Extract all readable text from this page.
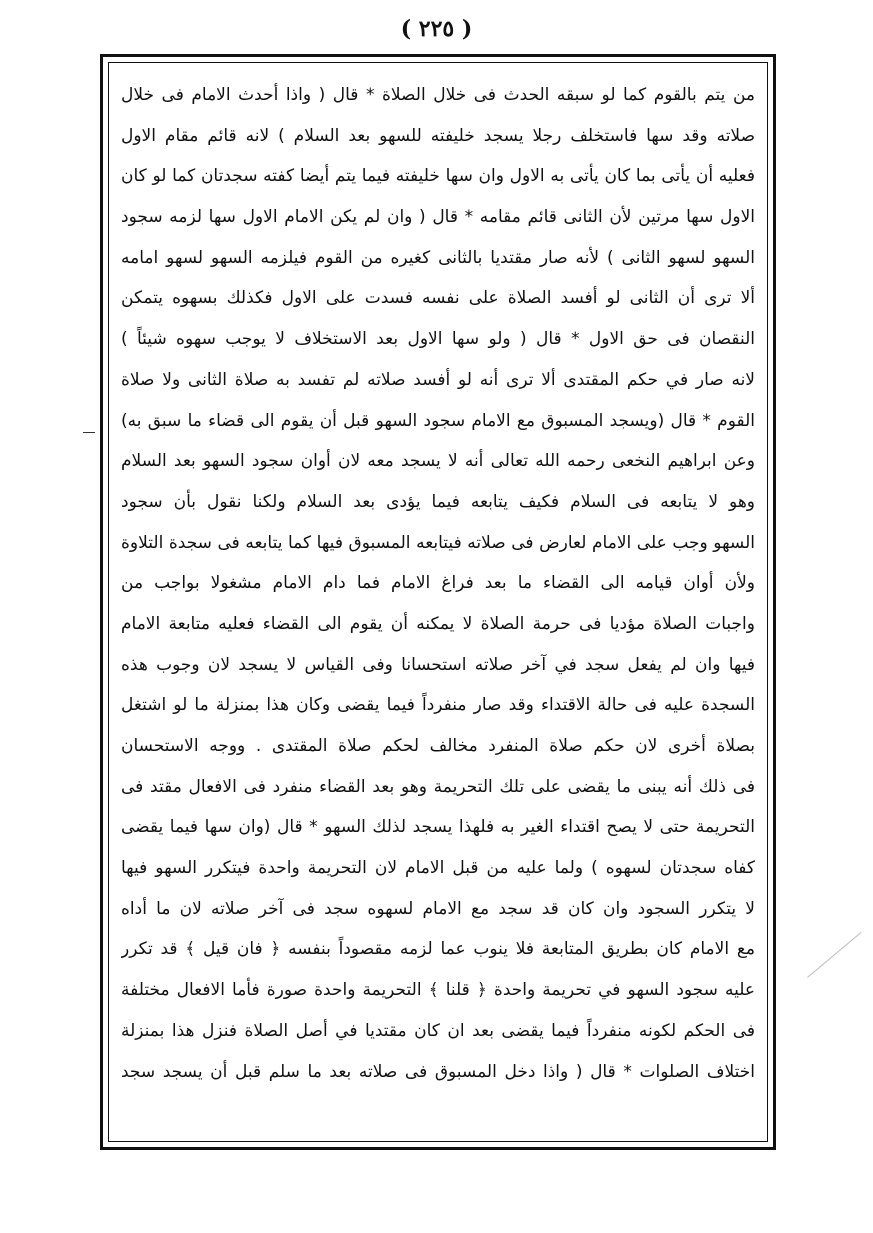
( ٢٢٥ )
من يتم بالقوم كما لو سبقه الحدث فى خلال الصلاة * قال ( واذا أحدث الامام فى خلال
صلاته وقد سها فاستخلف رجلا يسجد خليفته للسهو بعد السلام ) لانه قائم مقام الاول
فعليه أن يأتى بما كان يأتى به الاول وان سها خليفته فيما يتم أيضا كفته سجدتان كما لو كان
الاول سها مرتين لأن الثانى قائم مقامه * قال ( وان لم يكن الامام الاول سها لزمه سجود
السهو لسهو الثانى ) لأنه صار مقتديا بالثانى كغيره من القوم فيلزمه السهو لسهو امامه
ألا ترى أن الثانى لو أفسد الصلاة على نفسه فسدت على الاول فكذلك بسهوه يتمكن
النقصان فى حق الاول * قال ( ولو سها الاول بعد الاستخلاف لا يوجب سهوه شيئاً )
لانه صار في حكم المقتدى ألا ترى أنه لو أفسد صلاته لم تفسد به صلاة الثانى ولا صلاة
القوم * قال (ويسجد المسبوق مع الامام سجود السهو قبل أن يقوم الى قضاء ما سبق به)
وعن ابراهيم النخعى رحمه الله تعالى أنه لا يسجد معه لان أوان سجود السهو بعد السلام
وهو لا يتابعه فى السلام فكيف يتابعه فيما يؤدى بعد السلام ولكنا نقول بأن سجود
السهو وجب على الامام لعارض فى صلاته فيتابعه المسبوق فيها كما يتابعه فى سجدة التلاوة
ولأن أوان قيامه الى القضاء ما بعد فراغ الامام فما دام الامام مشغولا بواجب من
واجبات الصلاة مؤديا فى حرمة الصلاة لا يمكنه أن يقوم الى القضاء فعليه متابعة الامام
فيها وان لم يفعل سجد في آخر صلاته استحسانا وفى القياس لا يسجد لان وجوب هذه
السجدة عليه فى حالة الاقتداء وقد صار منفرداً فيما يقضى وكان هذا بمنزلة ما لو اشتغل
بصلاة أخرى لان حكم صلاة المنفرد مخالف لحكم صلاة المقتدى . ووجه الاستحسان
فى ذلك أنه يبنى ما يقضى على تلك التحريمة وهو بعد القضاء منفرد فى الافعال مقتد فى
التحريمة حتى لا يصح اقتداء الغير به فلهذا يسجد لذلك السهو * قال (وان سها فيما يقضى
كفاه سجدتان لسهوه ) ولما عليه من قبل الامام لان التحريمة واحدة فيتكرر السهو فيها
لا يتكرر السجود وان كان قد سجد مع الامام لسهوه سجد فى آخر صلاته لان ما أداه
مع الامام كان بطريق المتابعة فلا ينوب عما لزمه مقصوداً بنفسه ﴿ فان قيل ﴾ قد تكرر
عليه سجود السهو في تحريمة واحدة ﴿ قلنا ﴾ التحريمة واحدة صورة فأما الافعال مختلفة
فى الحكم لكونه منفرداً فيما يقضى بعد ان كان مقتديا في أصل الصلاة فنزل هذا بمنزلة
اختلاف الصلوات * قال ( واذا دخل المسبوق فى صلاته بعد ما سلم قبل أن يسجد سجد
